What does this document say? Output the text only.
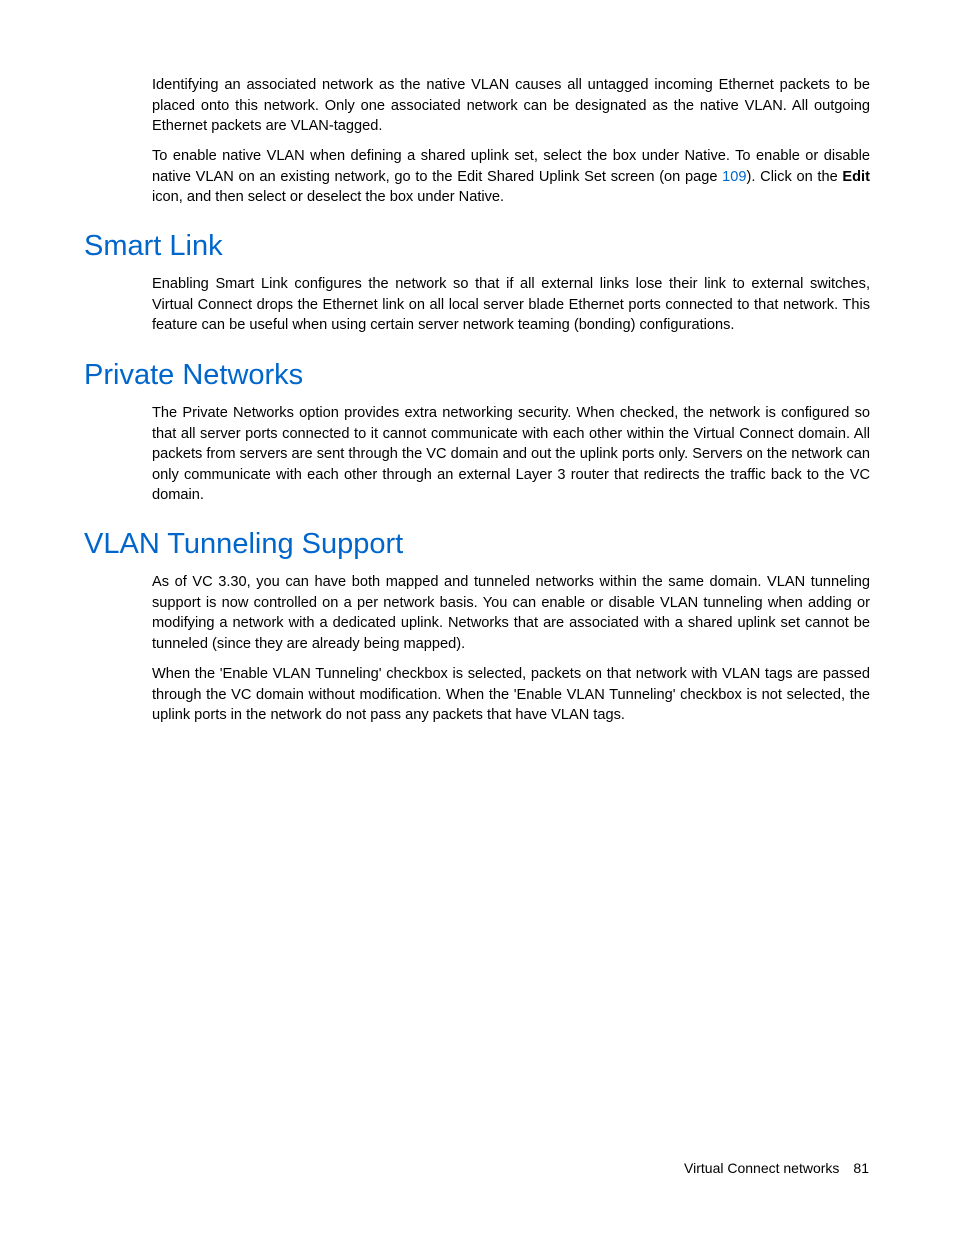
Identifying an associated network as the native VLAN causes all untagged incoming Ethernet packets to be placed onto this network. Only one associated network can be designated as the native VLAN. All outgoing Ethernet packets are VLAN-tagged.

To enable native VLAN when defining a shared uplink set, select the box under Native. To enable or disable native VLAN on an existing network, go to the Edit Shared Uplink Set screen (on page 109). Click on the Edit icon, and then select or deselect the box under Native.

Smart Link

Enabling Smart Link configures the network so that if all external links lose their link to external switches, Virtual Connect drops the Ethernet link on all local server blade Ethernet ports connected to that network. This feature can be useful when using certain server network teaming (bonding) configurations.

Private Networks

The Private Networks option provides extra networking security. When checked, the network is configured so that all server ports connected to it cannot communicate with each other within the Virtual Connect domain. All packets from servers are sent through the VC domain and out the uplink ports only. Servers on the network can only communicate with each other through an external Layer 3 router that redirects the traffic back to the VC domain.

VLAN Tunneling Support

As of VC 3.30, you can have both mapped and tunneled networks within the same domain. VLAN tunneling support is now controlled on a per network basis. You can enable or disable VLAN tunneling when adding or modifying a network with a dedicated uplink. Networks that are associated with a shared uplink set cannot be tunneled (since they are already being mapped).

When the 'Enable VLAN Tunneling' checkbox is selected, packets on that network with VLAN tags are passed through the VC domain without modification. When the 'Enable VLAN Tunneling' checkbox is not selected, the uplink ports in the network do not pass any packets that have VLAN tags.

Virtual Connect networks 81
